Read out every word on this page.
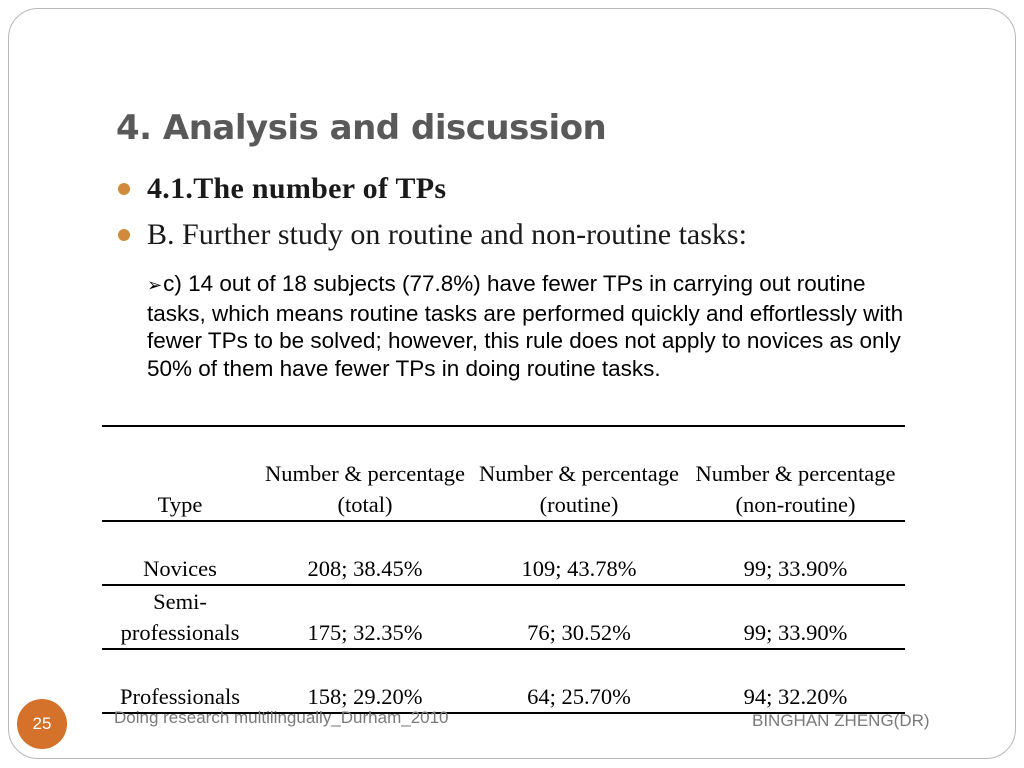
4. Analysis and discussion
4.1.The number of TPs
B. Further study on routine and non-routine tasks:
➢c) 14 out of 18 subjects (77.8%) have fewer TPs in carrying out routine tasks, which means routine tasks are performed quickly and effortlessly with fewer TPs to be solved; however, this rule does not apply to novices as only 50% of them have fewer TPs in doing routine tasks.
Type	Number & percentage (total)	Number & percentage (routine)	Number & percentage (non-routine)
Novices	208; 38.45%	109; 43.78%	99; 33.90%
Semi-professionals	175; 32.35%	76; 30.52%	99; 33.90%
Professionals	158; 29.20%	64; 25.70%	94; 32.20%
Doing research multilingually_Durham_2010	BINGHAN ZHENG(DR)
25
